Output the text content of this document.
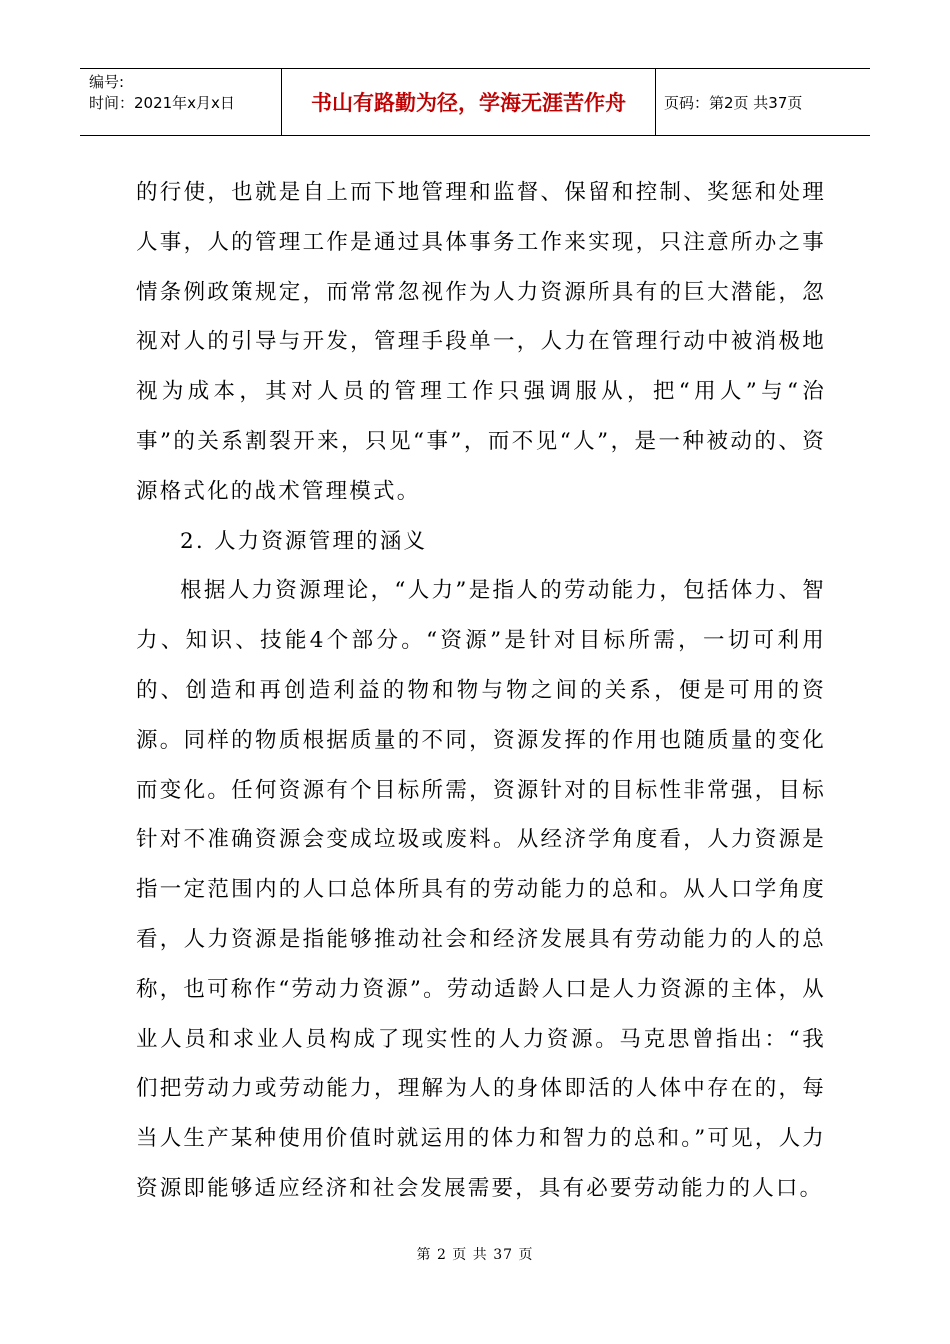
编号:
时间：2021年x月x日	书山有路勤为径，学海无涯苦作舟	页码：第2页 共37页

的行使，也就是自上而下地管理和监督、保留和控制、奖惩和处理人事，人的管理工作是通过具体事务工作来实现，只注意所办之事情条例政策规定，而常常忽视作为人力资源所具有的巨大潜能，忽视对人的引导与开发，管理手段单一，人力在管理行动中被消极地视为成本，其对人员的管理工作只强调服从，把“用人”与“治事”的关系割裂开来，只见“事”，而不见“人”，是一种被动的、资源格式化的战术管理模式。

2. 人力资源管理的涵义

根据人力资源理论，“人力”是指人的劳动能力，包括体力、智力、知识、技能4个部分。“资源”是针对目标所需，一切可利用的、创造和再创造利益的物和物与物之间的关系，便是可用的资源。同样的物质根据质量的不同，资源发挥的作用也随质量的变化而变化。任何资源有个目标所需，资源针对的目标性非常强，目标针对不准确资源会变成垃圾或废料。从经济学角度看，人力资源是指一定范围内的人口总体所具有的劳动能力的总和。从人口学角度看，人力资源是指能够推动社会和经济发展具有劳动能力的人的总称，也可称作“劳动力资源”。劳动适龄人口是人力资源的主体，从业人员和求业人员构成了现实性的人力资源。马克思曾指出：“我们把劳动力或劳动能力，理解为人的身体即活的人体中存在的，每当人生产某种使用价值时就运用的体力和智力的总和。”可见，人力资源即能够适应经济和社会发展需要，具有必要劳动能力的人口。

第 2 页 共 37 页
